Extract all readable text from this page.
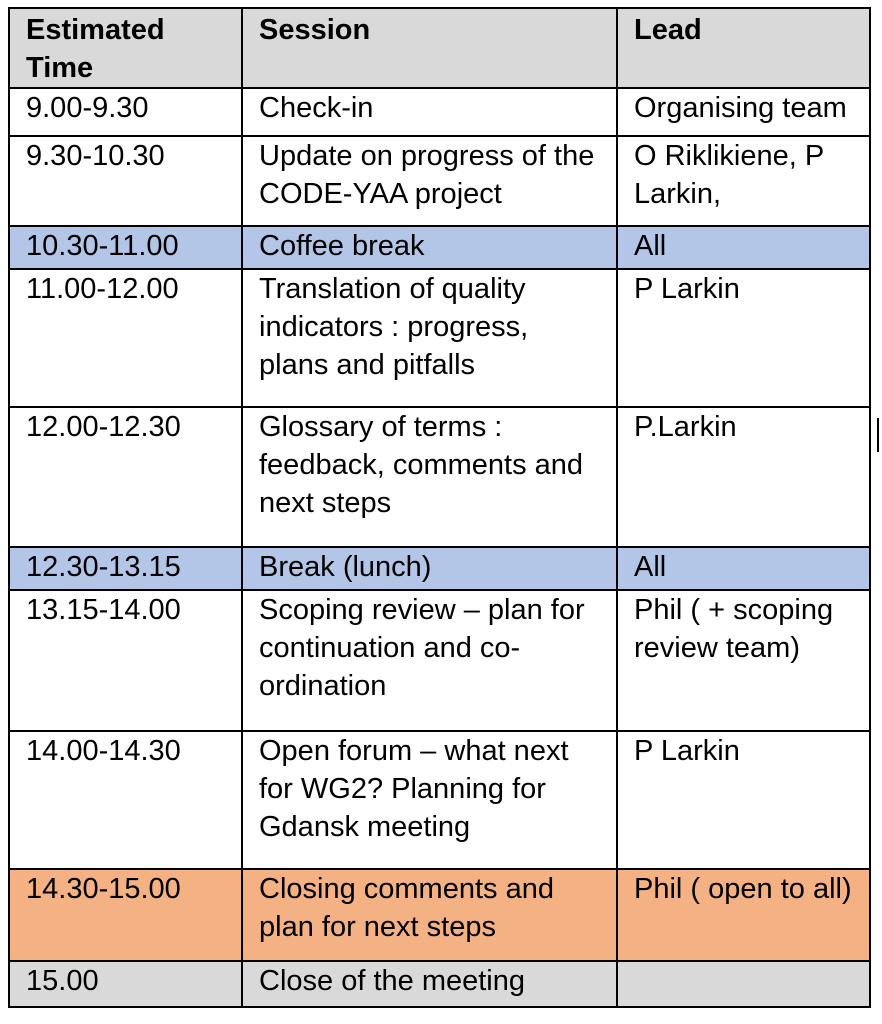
Estimated Time	Session	Lead
9.00-9.30	Check-in	Organising team
9.30-10.30	Update on progress of the CODE-YAA project	O Riklikiene, P Larkin,
10.30-11.00	Coffee break	All
11.00-12.00	Translation of quality indicators : progress, plans and pitfalls	P Larkin
12.00-12.30	Glossary of terms : feedback, comments and next steps	P.Larkin
12.30-13.15	Break (lunch)	All
13.15-14.00	Scoping review – plan for continuation and co-ordination	Phil ( + scoping review team)
14.00-14.30	Open forum – what next for WG2? Planning for Gdansk meeting	P Larkin
14.30-15.00	Closing comments and plan for next steps	Phil ( open to all)
15.00	Close of the meeting	
